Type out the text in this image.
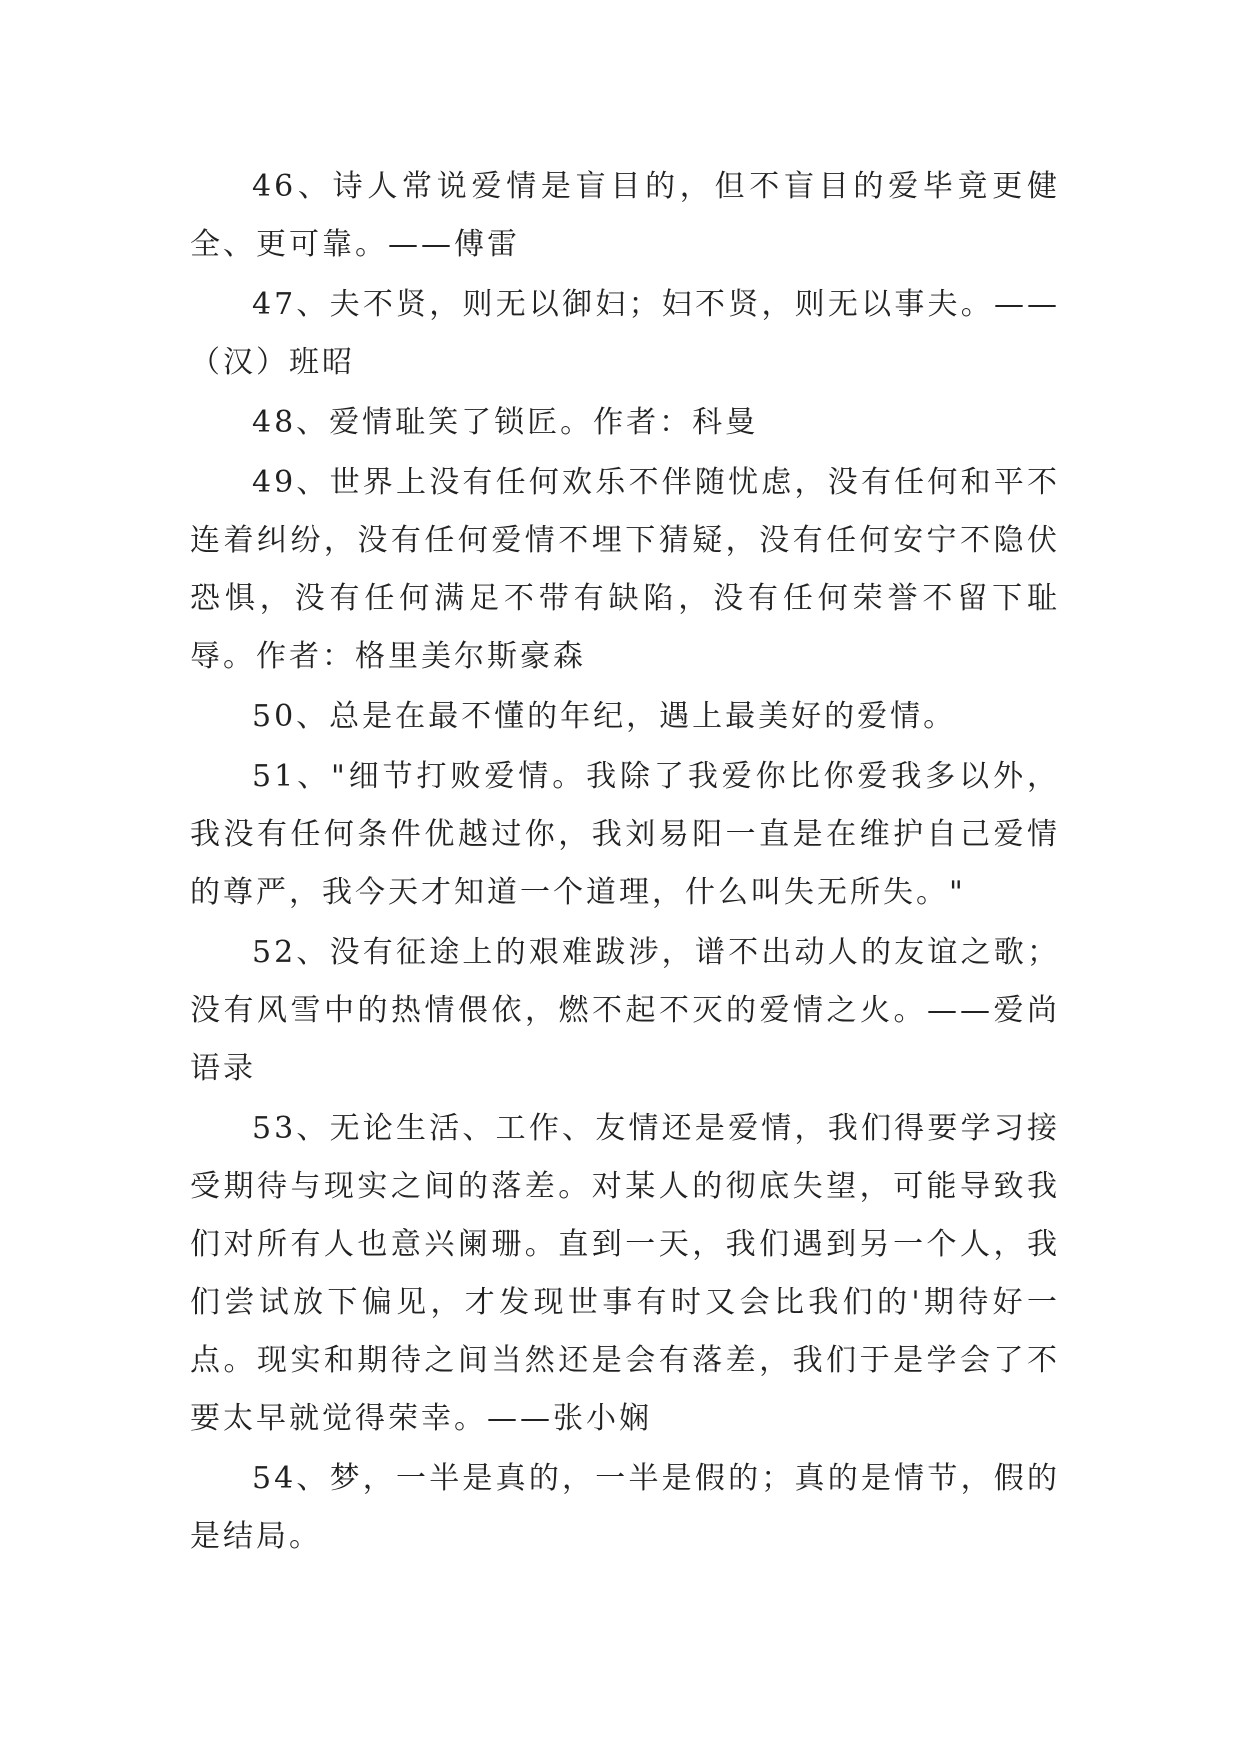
46、诗人常说爱情是盲目的，但不盲目的爱毕竟更健全、更可靠。——傅雷

47、夫不贤，则无以御妇；妇不贤，则无以事夫。——（汉）班昭

48、爱情耻笑了锁匠。作者：科曼

49、世界上没有任何欢乐不伴随忧虑，没有任何和平不连着纠纷，没有任何爱情不埋下猜疑，没有任何安宁不隐伏恐惧，没有任何满足不带有缺陷，没有任何荣誉不留下耻辱。作者：格里美尔斯豪森

50、总是在最不懂的年纪，遇上最美好的爱情。

51、"细节打败爱情。我除了我爱你比你爱我多以外，我没有任何条件优越过你，我刘易阳一直是在维护自己爱情的尊严，我今天才知道一个道理，什么叫失无所失。"

52、没有征途上的艰难跋涉，谱不出动人的友谊之歌；没有风雪中的热情偎依，燃不起不灭的爱情之火。——爱尚语录

53、无论生活、工作、友情还是爱情，我们得要学习接受期待与现实之间的落差。对某人的彻底失望，可能导致我们对所有人也意兴阑珊。直到一天，我们遇到另一个人，我们尝试放下偏见，才发现世事有时又会比我们的'期待好一点。现实和期待之间当然还是会有落差，我们于是学会了不要太早就觉得荣幸。——张小娴

54、梦，一半是真的，一半是假的；真的是情节，假的是结局。
